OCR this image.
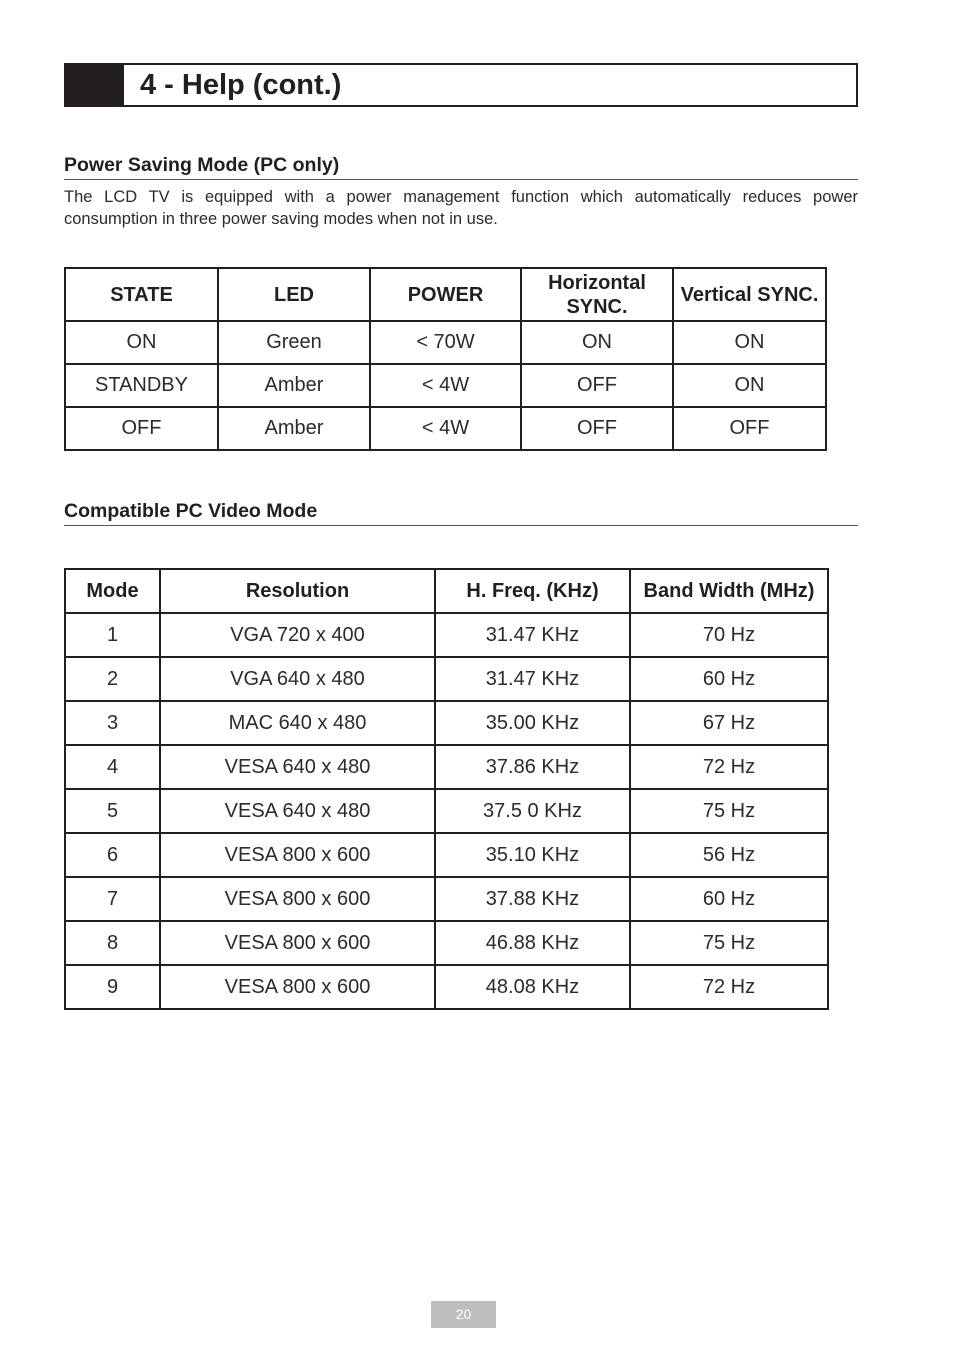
4 - Help (cont.)
Power Saving Mode (PC only)
The LCD TV is equipped with a power management function which automatically reduces power consumption in three power saving modes when not in use.
STATE	LED	POWER	Horizontal SYNC.	Vertical SYNC.
ON	Green	< 70W	ON	ON
STANDBY	Amber	< 4W	OFF	ON
OFF	Amber	< 4W	OFF	OFF
Compatible PC Video Mode
Mode	Resolution	H. Freq. (KHz)	Band Width (MHz)
1	VGA 720 x 400	31.47 KHz	70 Hz
2	VGA 640 x 480	31.47 KHz	60 Hz
3	MAC 640 x 480	35.00 KHz	67 Hz
4	VESA 640 x 480	37.86 KHz	72 Hz
5	VESA 640 x 480	37.5 0 KHz	75 Hz
6	VESA 800 x 600	35.10 KHz	56 Hz
7	VESA 800 x 600	37.88 KHz	60 Hz
8	VESA 800 x 600	46.88 KHz	75 Hz
9	VESA 800 x 600	48.08 KHz	72 Hz
20
